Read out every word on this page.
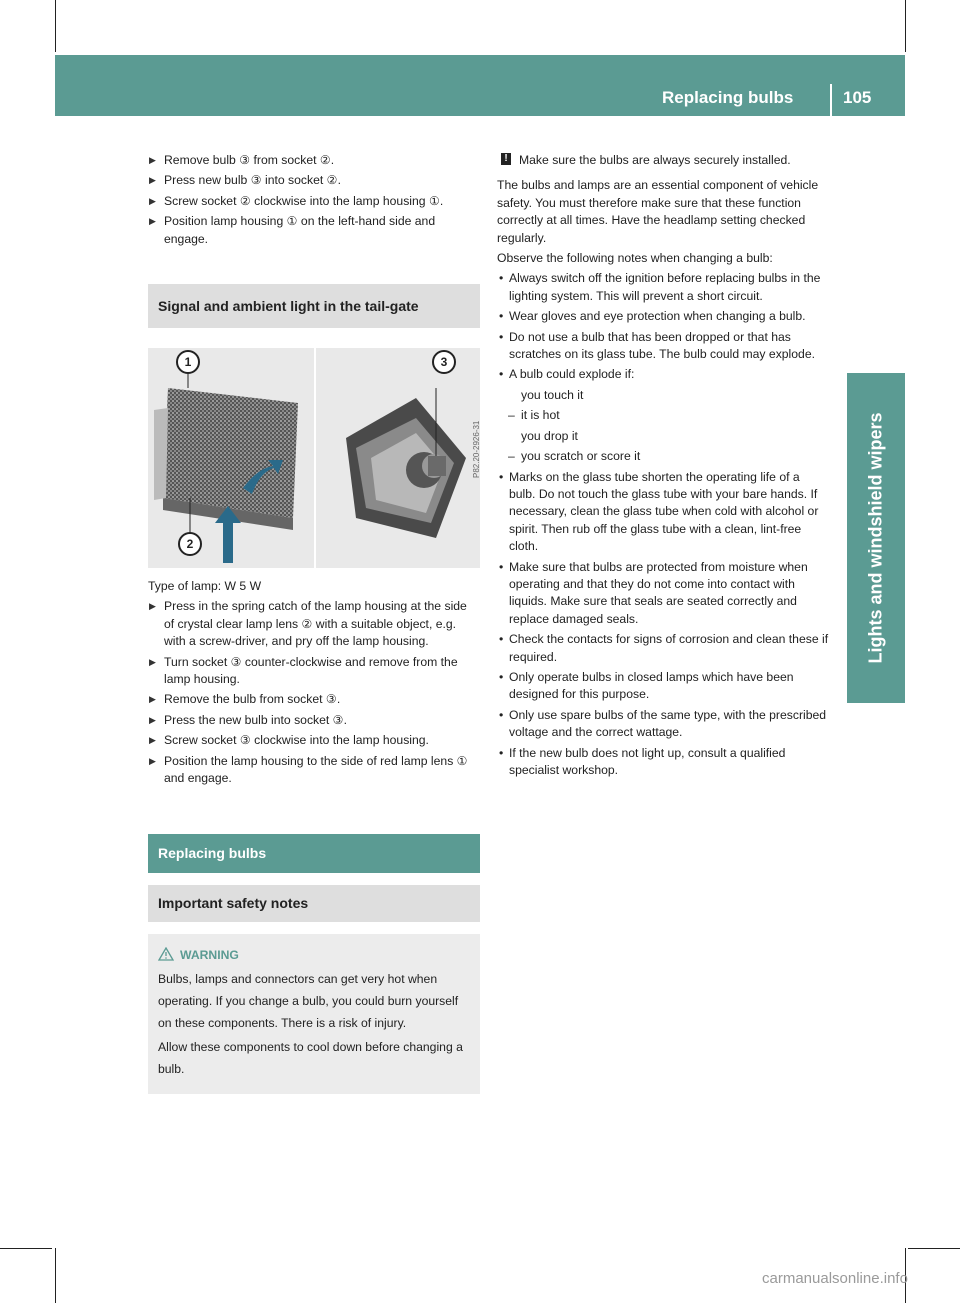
Replacing bulbs	105
Lights and windshield wipers
▶ Remove bulb ③ from socket ②.
▶ Press new bulb ③ into socket ②.
▶ Screw socket ② clockwise into the lamp housing ①.
▶ Position lamp housing ① on the left-hand side and engage.
Signal and ambient light in the tail-gate
1
2
3
P82.20-2926-31

Type of lamp: W 5 W

▶ Press in the spring catch of the lamp housing at the side of crystal clear lamp lens ② with a suitable object, e.g. with a screw-driver, and pry off the lamp housing.
▶ Turn socket ③ counter-clockwise and remove from the lamp housing.
▶ Remove the bulb from socket ③.
▶ Press the new bulb into socket ③.
▶ Screw socket ③ clockwise into the lamp housing.
▶ Position the lamp housing to the side of red lamp lens ① and engage.
Replacing bulbs
Important safety notes
WARNING

Bulbs, lamps and connectors can get very hot when operating. If you change a bulb, you could burn yourself on these components. There is a risk of injury.

Allow these components to cool down before changing a bulb.

! Make sure the bulbs are always securely installed.

The bulbs and lamps are an essential component of vehicle safety. You must therefore make sure that these function correctly at all times. Have the headlamp setting checked regularly.

Observe the following notes when changing a bulb:

• Always switch off the ignition before replacing bulbs in the lighting system. This will prevent a short circuit.
• Wear gloves and eye protection when changing a bulb.
• Do not use a bulb that has been dropped or that has scratches on its glass tube. The bulb could may explode.
• A bulb could explode if:
you touch it
– it is hot
you drop it
– you scratch or score it
• Marks on the glass tube shorten the operating life of a bulb. Do not touch the glass tube with your bare hands. If necessary, clean the glass tube when cold with alcohol or spirit. Then rub off the glass tube with a clean, lint-free cloth.
• Make sure that bulbs are protected from moisture when operating and that they do not come into contact with liquids. Make sure that seals are seated correctly and replace damaged seals.
• Check the contacts for signs of corrosion and clean these if required.
• Only operate bulbs in closed lamps which have been designed for this purpose.
• Only use spare bulbs of the same type, with the prescribed voltage and the correct wattage.
• If the new bulb does not light up, consult a qualified specialist workshop.
carmanualsonline.info
